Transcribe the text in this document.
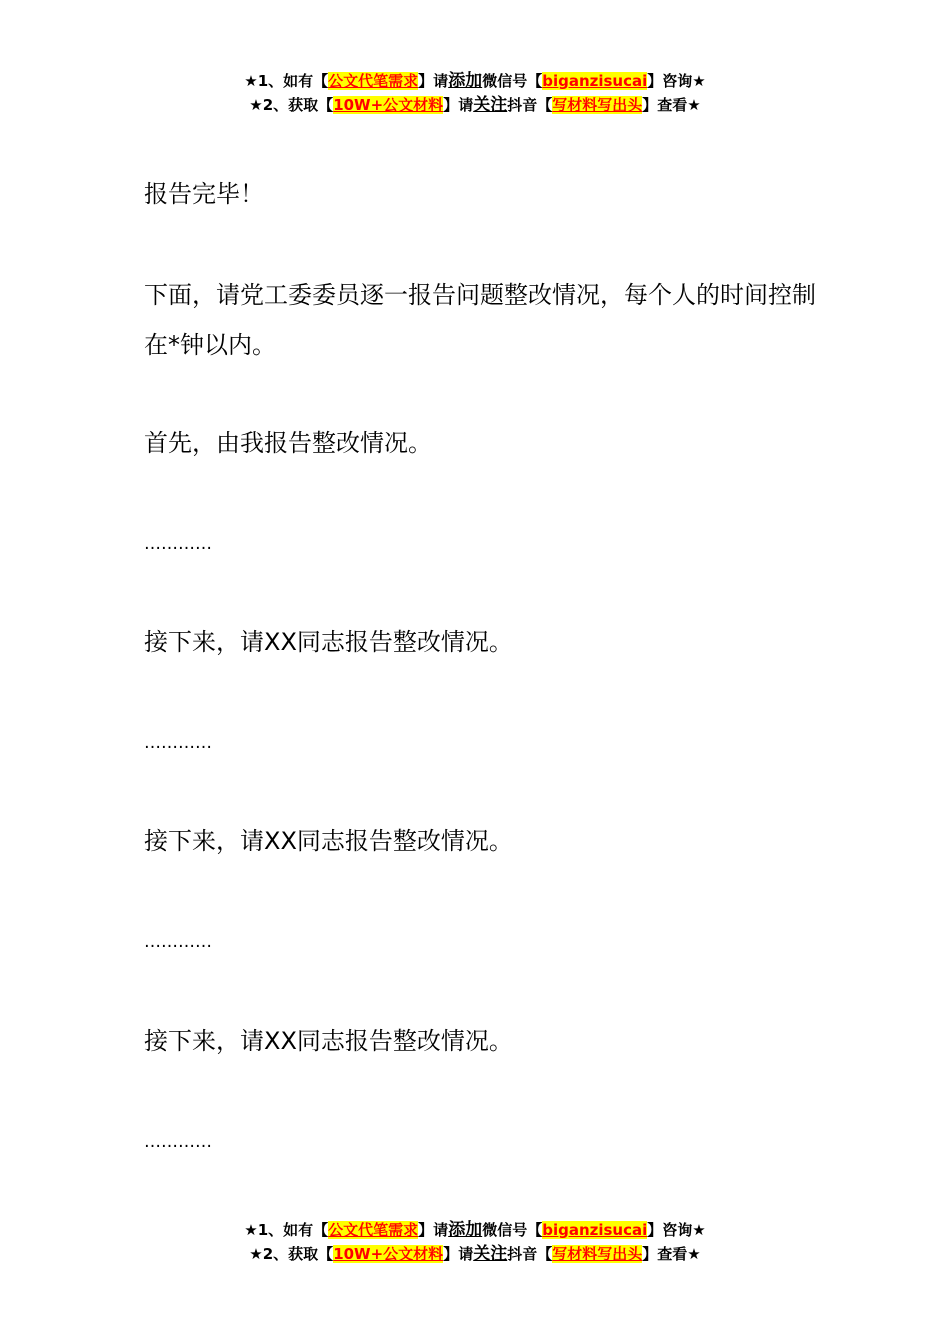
★1、如有【公文代笔需求】请添加微信号【biganzisucai】咨询★
★2、获取【10W+公文材料】请关注抖音【写材料写出头】查看★
报告完毕！
下面，请党工委委员逐一报告问题整改情况，每个人的时间控制在*钟以内。
首先，由我报告整改情况。
…………
接下来，请XX同志报告整改情况。
…………
接下来，请XX同志报告整改情况。
…………
接下来，请XX同志报告整改情况。
…………
★1、如有【公文代笔需求】请添加微信号【biganzisucai】咨询★
★2、获取【10W+公文材料】请关注抖音【写材料写出头】查看★
